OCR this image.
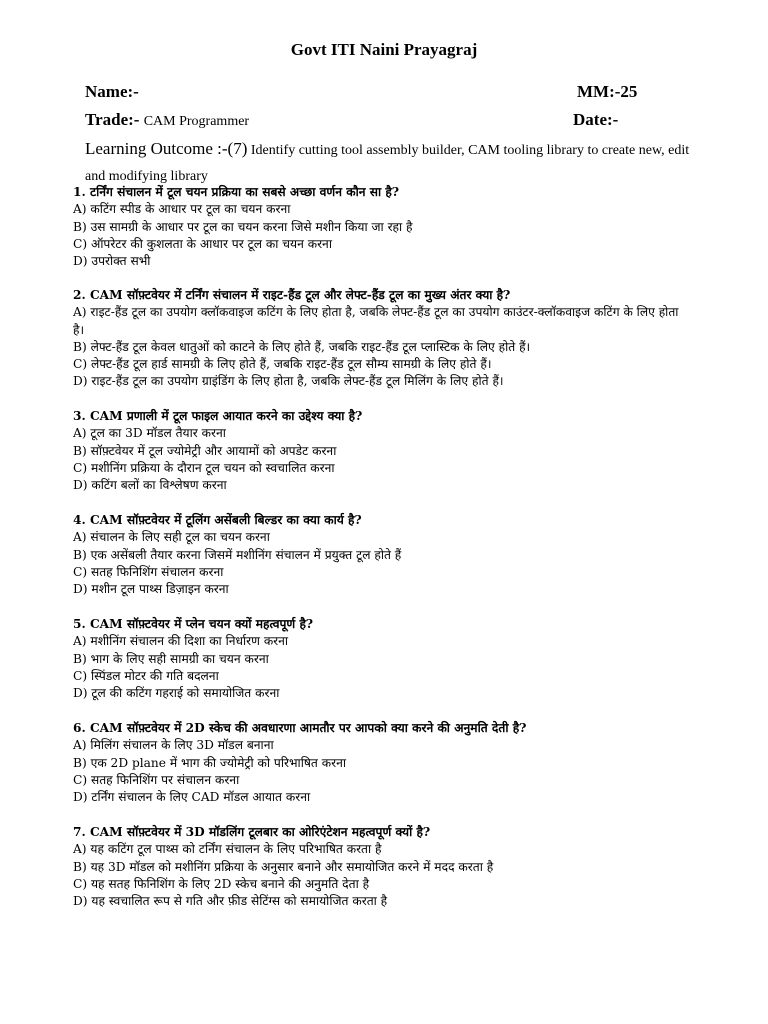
Govt ITI Naini Prayagraj
Name:-	MM:-25
Trade:- CAM Programmer	Date:-
Learning Outcome :-(7) Identify cutting tool assembly builder, CAM tooling library to create new, edit and modifying library
1. टर्निंग संचालन में टूल चयन प्रक्रिया का सबसे अच्छा वर्णन कौन सा है?
A) कटिंग स्पीड के आधार पर टूल का चयन करना
B) उस सामग्री के आधार पर टूल का चयन करना जिसे मशीन किया जा रहा है
C) ऑपरेटर की कुशलता के आधार पर टूल का चयन करना
D) उपरोक्त सभी
2. CAM सॉफ़्टवेयर में टर्निंग संचालन में राइट-हैंड टूल और लेफ्ट-हैंड टूल का मुख्य अंतर क्या है?
A) राइट-हैंड टूल का उपयोग क्लॉकवाइज कटिंग के लिए होता है, जबकि लेफ्ट-हैंड टूल का उपयोग काउंटर-क्लॉकवाइज कटिंग के लिए होता है।
B) लेफ्ट-हैंड टूल केवल धातुओं को काटने के लिए होते हैं, जबकि राइट-हैंड टूल प्लास्टिक के लिए होते हैं।
C) लेफ्ट-हैंड टूल हार्ड सामग्री के लिए होते हैं, जबकि राइट-हैंड टूल सौम्य सामग्री के लिए होते हैं।
D) राइट-हैंड टूल का उपयोग ग्राइंडिंग के लिए होता है, जबकि लेफ्ट-हैंड टूल मिलिंग के लिए होते हैं।
3. CAM प्रणाली में टूल फाइल आयात करने का उद्देश्य क्या है?
A) टूल का 3D मॉडल तैयार करना
B) सॉफ़्टवेयर में टूल ज्योमेट्री और आयामों को अपडेट करना
C) मशीनिंग प्रक्रिया के दौरान टूल चयन को स्वचालित करना
D) कटिंग बलों का विश्लेषण करना
4. CAM सॉफ़्टवेयर में टूलिंग असेंबली बिल्डर का क्या कार्य है?
A) संचालन के लिए सही टूल का चयन करना
B) एक असेंबली तैयार करना जिसमें मशीनिंग संचालन में प्रयुक्त टूल होते हैं
C) सतह फिनिशिंग संचालन करना
D) मशीन टूल पाथ्स डिज़ाइन करना
5. CAM सॉफ़्टवेयर में प्लेन चयन क्यों महत्वपूर्ण है?
A) मशीनिंग संचालन की दिशा का निर्धारण करना
B) भाग के लिए सही सामग्री का चयन करना
C) स्पिंडल मोटर की गति बदलना
D) टूल की कटिंग गहराई को समायोजित करना
6. CAM सॉफ़्टवेयर में 2D स्केच की अवधारणा आमतौर पर आपको क्या करने की अनुमति देती है?
A) मिलिंग संचालन के लिए 3D मॉडल बनाना
B) एक 2D plane में भाग की ज्योमेट्री को परिभाषित करना
C) सतह फिनिशिंग पर संचालन करना
D) टर्निंग संचालन के लिए CAD मॉडल आयात करना
7. CAM सॉफ़्टवेयर में 3D मॉडलिंग टूलबार का ओरिएंटेशन महत्वपूर्ण क्यों है?
A) यह कटिंग टूल पाथ्स को टर्निंग संचालन के लिए परिभाषित करता है
B) यह 3D मॉडल को मशीनिंग प्रक्रिया के अनुसार बनाने और समायोजित करने में मदद करता है
C) यह सतह फिनिशिंग के लिए 2D स्केच बनाने की अनुमति देता है
D) यह स्वचालित रूप से गति और फ़ीड सेटिंग्स को समायोजित करता है
